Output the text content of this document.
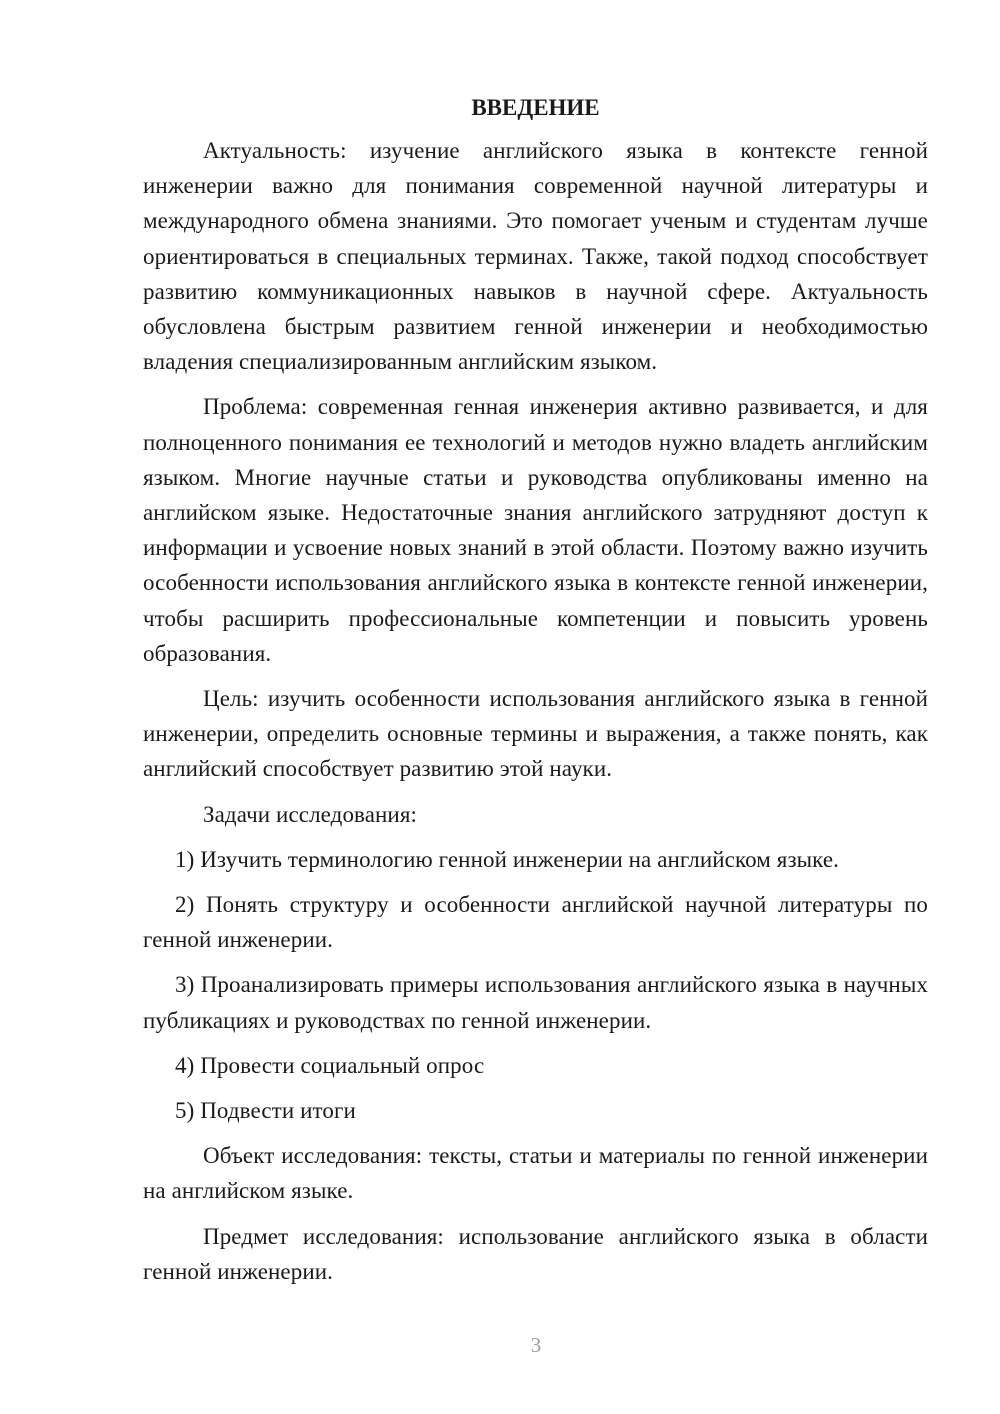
ВВЕДЕНИЕ

Актуальность: изучение английского языка в контексте генной инженерии важно для понимания современной научной литературы и международного обмена знаниями. Это помогает ученым и студентам лучше ориентироваться в специальных терминах. Также, такой подход способствует развитию коммуникационных навыков в научной сфере. Актуальность обусловлена быстрым развитием генной инженерии и необходимостью владения специализированным английским языком.

Проблема: современная генная инженерия активно развивается, и для полноценного понимания ее технологий и методов нужно владеть английским языком. Многие научные статьи и руководства опубликованы именно на английском языке. Недостаточные знания английского затрудняют доступ к информации и усвоение новых знаний в этой области. Поэтому важно изучить особенности использования английского языка в контексте генной инженерии, чтобы расширить профессиональные компетенции и повысить уровень образования.

Цель: изучить особенности использования английского языка в генной инженерии, определить основные термины и выражения, а также понять, как английский способствует развитию этой науки.

Задачи исследования:

1) Изучить терминологию генной инженерии на английском языке.

2) Понять структуру и особенности английской научной литературы по генной инженерии.

3) Проанализировать примеры использования английского языка в научных публикациях и руководствах по генной инженерии.

4) Провести социальный опрос

5) Подвести итоги

Объект исследования: тексты, статьи и материалы по генной инженерии на английском языке.

Предмет исследования: использование английского языка в области генной инженерии.

3
